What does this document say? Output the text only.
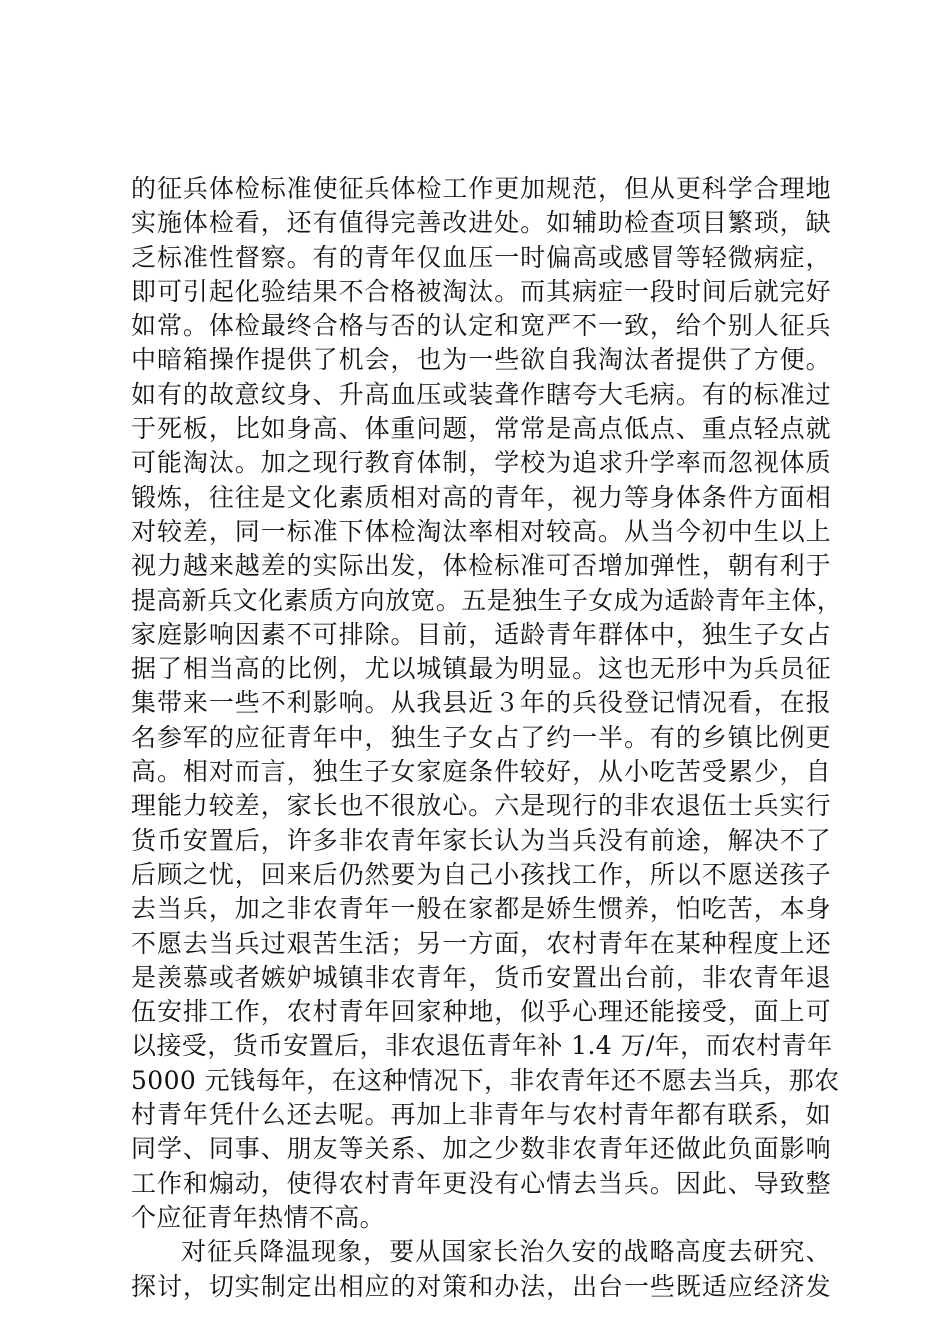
的征兵体检标准使征兵体检工作更加规范，但从更科学合理地
实施体检看，还有值得完善改进处。如辅助检查项目繁琐，缺
乏标准性督察。有的青年仅血压一时偏高或感冒等轻微病症，
即可引起化验结果不合格被淘汰。而其病症一段时间后就完好
如常。体检最终合格与否的认定和宽严不一致，给个别人征兵
中暗箱操作提供了机会，也为一些欲自我淘汰者提供了方便。
如有的故意纹身、升高血压或装聋作瞎夸大毛病。有的标准过
于死板，比如身高、体重问题，常常是高点低点、重点轻点就
可能淘汰。加之现行教育体制，学校为追求升学率而忽视体质
锻炼，往往是文化素质相对高的青年，视力等身体条件方面相
对较差，同一标准下体检淘汰率相对较高。从当今初中生以上
视力越来越差的实际出发，体检标准可否增加弹性，朝有利于
提高新兵文化素质方向放宽。五是独生子女成为适龄青年主体，
家庭影响因素不可排除。目前，适龄青年群体中，独生子女占
据了相当高的比例，尤以城镇最为明显。这也无形中为兵员征
集带来一些不利影响。从我县近３年的兵役登记情况看，在报
名参军的应征青年中，独生子女占了约一半。有的乡镇比例更
高。相对而言，独生子女家庭条件较好，从小吃苦受累少，自
理能力较差，家长也不很放心。六是现行的非农退伍士兵实行
货币安置后，许多非农青年家长认为当兵没有前途，解决不了
后顾之忧，回来后仍然要为自己小孩找工作，所以不愿送孩子
去当兵，加之非农青年一般在家都是娇生惯养，怕吃苦，本身
不愿去当兵过艰苦生活；另一方面，农村青年在某种程度上还
是羡慕或者嫉妒城镇非农青年，货币安置出台前，非农青年退
伍安排工作，农村青年回家种地，似乎心理还能接受，面上可
以接受，货币安置后，非农退伍青年补 1.4 万/年，而农村青年
5000 元钱每年，在这种情况下，非农青年还不愿去当兵，那农
村青年凭什么还去呢。再加上非青年与农村青年都有联系，如
同学、同事、朋友等关系、加之少数非农青年还做此负面影响
工作和煽动，使得农村青年更没有心情去当兵。因此、导致整
个应征青年热情不高。
对征兵降温现象，要从国家长治久安的战略高度去研究、
探讨，切实制定出相应的对策和办法，出台一些既适应经济发
